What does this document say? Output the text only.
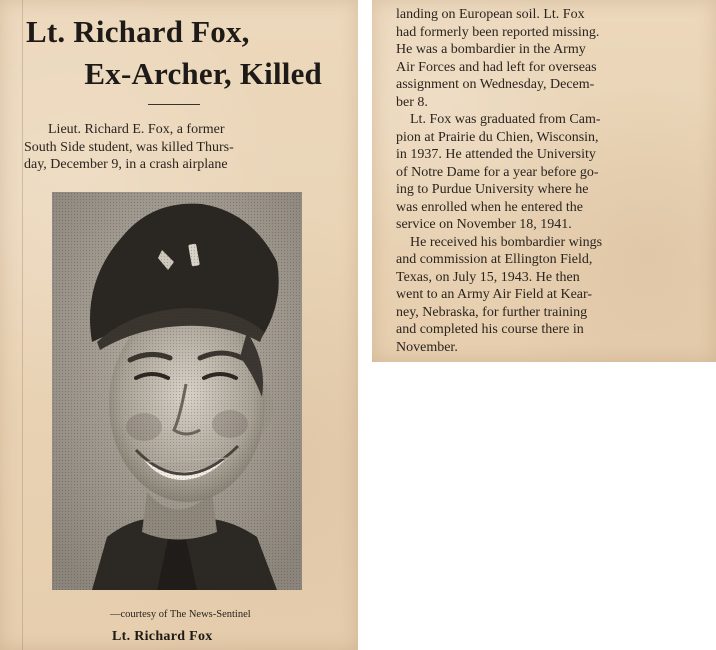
Lt. Richard Fox,
Ex-Archer, Killed

Lieut. Richard E. Fox, a former
South Side student, was killed Thurs-
day, December 9, in a crash airplane

—courtesy of The News-Sentinel
Lt. Richard Fox

landing on European soil. Lt. Fox
had formerly been reported missing.
He was a bombardier in the Army
Air Forces and had left for overseas
assignment on Wednesday, Decem-
ber 8.
Lt. Fox was graduated from Cam-
pion at Prairie du Chien, Wisconsin,
in 1937. He attended the University
of Notre Dame for a year before go-
ing to Purdue University where he
was enrolled when he entered the
service on November 18, 1941.
He received his bombardier wings
and commission at Ellington Field,
Texas, on July 15, 1943. He then
went to an Army Air Field at Kear-
ney, Nebraska, for further training
and completed his course there in
November.
